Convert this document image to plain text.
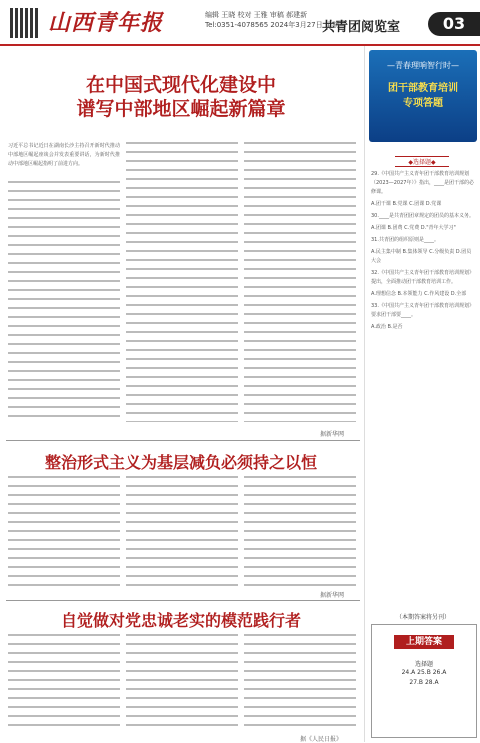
山西青年报	编辑 王晓 校对 王雅 审稿 郝建新
Tel:0351-4078565 2024年3月27日 星期三
共青团阅览室	03
在中国式现代化建设中
谱写中部地区崛起新篇章
习近平总书记近日在湖南长沙主持召开新时代推动中部地区崛起座谈会并发表重要讲话，为新时代推动中部地区崛起指明了前进方向。
据新华网
整治形式主义为基层减负必须持之以恒
据新华网
自觉做对党忠诚老实的模范践行者
据《人民日报》
—青春理响智行时—
团干部教育培训
专项答题
◆选择题◆

29.《中国共产主义青年团干部教育培训规划（2023—2027年）》指出，____是团干部的必修课。

A.团干课 B.党课 C.团课 D.党课

30.____是共青团团章规定的团员的基本义务。

A.团课 B.团费 C.党费 D."青年大学习"

31.共青团的组织原则是____。

A.民主集中制 B.集体领导 C.分级负责 D.团员大会

32.《中国共产主义青年团干部教育培训规划》提出，全面推动团干部教育培训工作。

A.理想信念 B.本领能力 C.作风建设 D.全部

33.《中国共产主义青年团干部教育培训规划》要求团干部要____。

A.政治 B.是否

（本期答案将另刊）
上期答案
选择题
24.A 25.B 26.A
27.B 28.A
